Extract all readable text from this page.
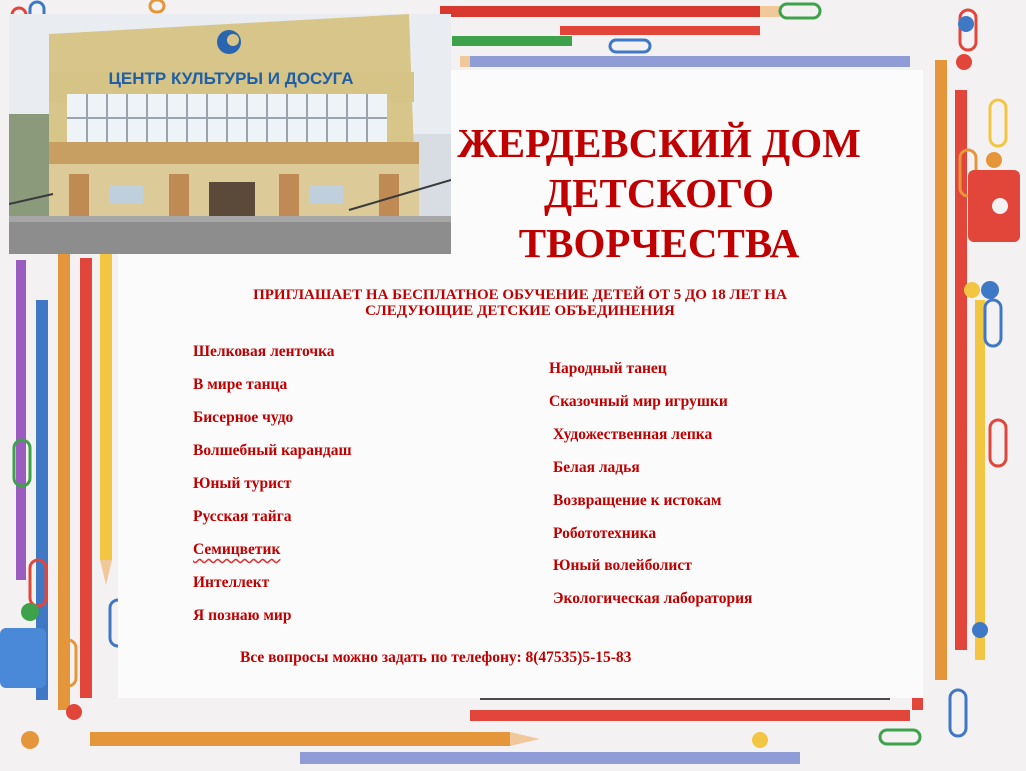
ЦЕНТР КУЛЬТУРЫ И ДОСУГА
ЖЕРДЕВСКИЙ ДОМ
ДЕТСКОГО
ТВОРЧЕСТВА
ПРИГЛАШАЕТ НА БЕСПЛАТНОЕ ОБУЧЕНИЕ ДЕТЕЙ ОТ 5 ДО 18 ЛЕТ НА
СЛЕДУЮЩИЕ ДЕТСКИЕ ОБЪЕДИНЕНИЯ
Шелковая ленточка
В мире танца
Бисерное чудо
Волшебный карандаш
Юный турист
Русская тайга
Семицветик
Интеллект
Я познаю мир
Народный танец
Сказочный мир игрушки
Художественная лепка
Белая ладья
Возвращение к истокам
Робототехника
Юный волейболист
Экологическая лаборатория
Все вопросы можно задать по телефону: 8(47535)5-15-83
